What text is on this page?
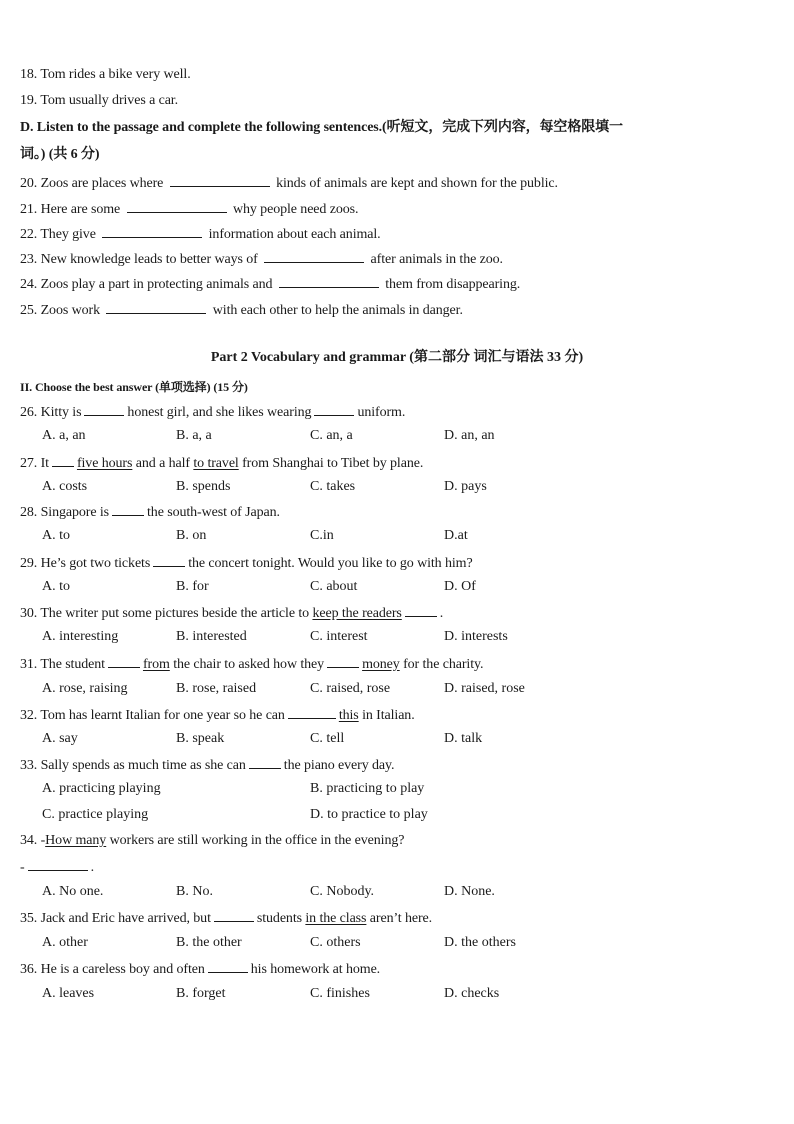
18. Tom rides a bike very well.
19. Tom usually drives a car.
D. Listen to the passage and complete the following sentences.(听短文，完成下列内容，每空格限填一
词。) (共 6 分)
20. Zoos are places where	kinds of animals are kept and shown for the public.
21. Here are some	why people need zoos.
22. They give	information about each animal.
23. New knowledge leads to better ways of	after animals in the zoo.
24. Zoos play a part in protecting animals and	them from disappearing.
25. Zoos work	with each other to help the animals in danger.
Part 2 Vocabulary and grammar (第二部分 词汇与语法 33 分)
II. Choose the best answer (单项选择) (15 分)
26. Kitty is	honest girl, and she likes wearing	uniform.
A. a, an	B. a, a	C. an, a	D. an, an
27. It five hours and a half to travel from Shanghai to Tibet by plane.
A. costs	B. spends	C. takes	D. pays
28. Singapore is	the south-west of Japan.
A. to	B. on	C.in	D.at
29. He’s got two tickets	the concert tonight. Would you like to go with him?
A. to	B. for	C. about	D. Of
30. The writer put some pictures beside the article to keep the readers	.
A. interesting	B. interested	C. interest	D. interests
31. The student	from the chair to asked how they	money for the charity.
A. rose, raising	B. rose, raised	C. raised, rose	D. raised, rose
32. Tom has learnt Italian for one year so he can	this in Italian.
A. say	B. speak	C. tell	D. talk
33. Sally spends as much time as she can	the piano every day.
A. practicing playing	B. practicing to play
C. practice playing	D. to practice to play
34. -How many workers are still working in the office in the evening?
-	.
A. No one.	B. No.	C. Nobody.	D. None.
35. Jack and Eric have arrived, but	students in the class aren’t here.
A. other	B. the other	C. others	D. the others
36. He is a careless boy and often	his homework at home.
A. leaves	B. forget	C. finishes	D. checks
